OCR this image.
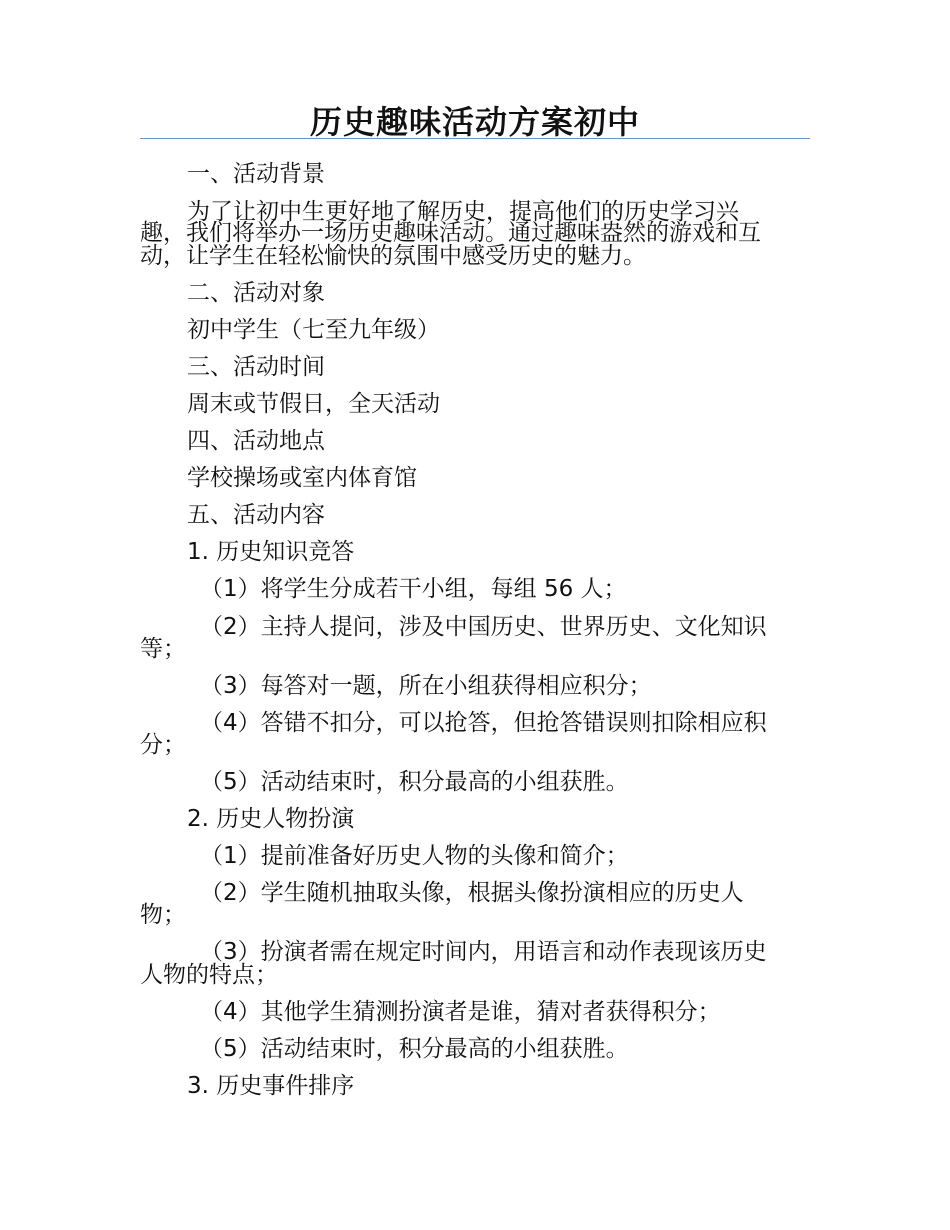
历史趣味活动方案初中
一、活动背景
为了让初中生更好地了解历史，提高他们的历史学习兴
趣，我们将举办一场历史趣味活动。通过趣味盎然的游戏和互
动，让学生在轻松愉快的氛围中感受历史的魅力。
二、活动对象
初中学生（七至九年级）
三、活动时间
周末或节假日，全天活动
四、活动地点
学校操场或室内体育馆
五、活动内容
1. 历史知识竞答
（1）将学生分成若干小组，每组 56 人；
（2）主持人提问，涉及中国历史、世界历史、文化知识
等；
（3）每答对一题，所在小组获得相应积分；
（4）答错不扣分，可以抢答，但抢答错误则扣除相应积
分；
（5）活动结束时，积分最高的小组获胜。
2. 历史人物扮演
（1）提前准备好历史人物的头像和简介；
（2）学生随机抽取头像，根据头像扮演相应的历史人
物；
（3）扮演者需在规定时间内，用语言和动作表现该历史
人物的特点；
（4）其他学生猜测扮演者是谁，猜对者获得积分；
（5）活动结束时，积分最高的小组获胜。
3. 历史事件排序
